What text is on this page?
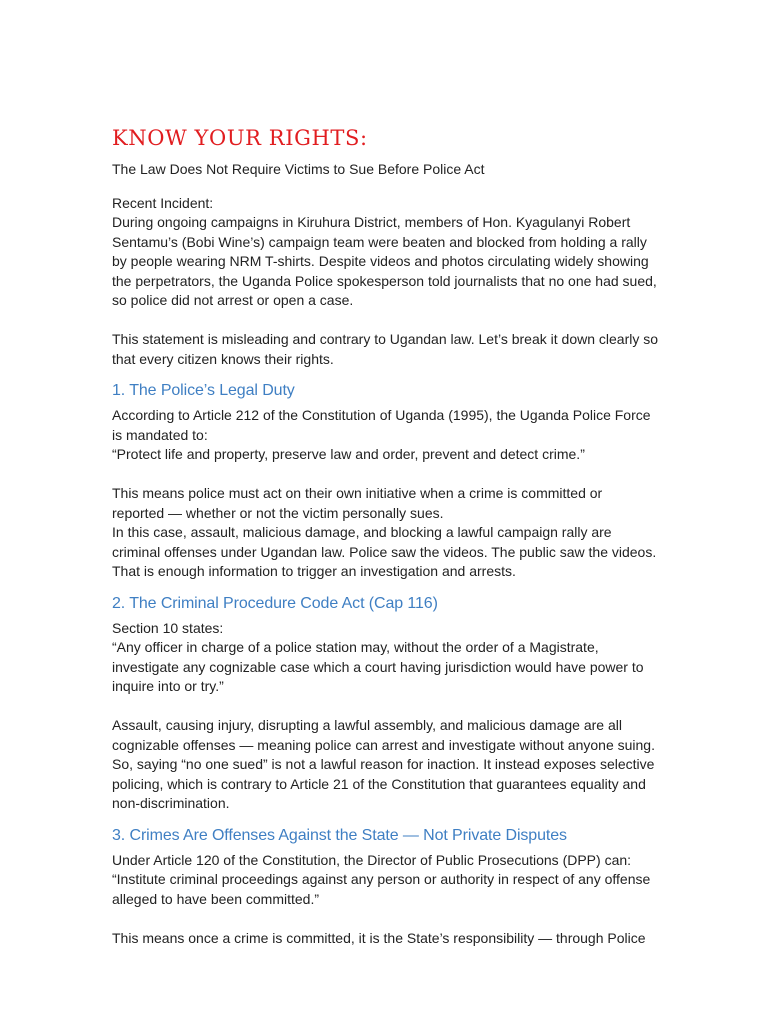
KNOW YOUR RIGHTS:
The Law Does Not Require Victims to Sue Before Police Act

Recent Incident:

During ongoing campaigns in Kiruhura District, members of Hon. Kyagulanyi Robert

Sentamu’s (Bobi Wine’s) campaign team were beaten and blocked from holding a rally

by people wearing NRM T-shirts. Despite videos and photos circulating widely showing

the perpetrators, the Uganda Police spokesperson told journalists that no one had sued,

so police did not arrest or open a case.

This statement is misleading and contrary to Ugandan law. Let’s break it down clearly so

that every citizen knows their rights.

1. The Police’s Legal Duty

According to Article 212 of the Constitution of Uganda (1995), the Uganda Police Force

is mandated to:

“Protect life and property, preserve law and order, prevent and detect crime.”

This means police must act on their own initiative when a crime is committed or

reported — whether or not the victim personally sues.

In this case, assault, malicious damage, and blocking a lawful campaign rally are

criminal offenses under Ugandan law. Police saw the videos. The public saw the videos.

That is enough information to trigger an investigation and arrests.

2. The Criminal Procedure Code Act (Cap 116)

Section 10 states:

“Any officer in charge of a police station may, without the order of a Magistrate,

investigate any cognizable case which a court having jurisdiction would have power to

inquire into or try.”

Assault, causing injury, disrupting a lawful assembly, and malicious damage are all

cognizable offenses — meaning police can arrest and investigate without anyone suing.

So, saying “no one sued” is not a lawful reason for inaction. It instead exposes selective

policing, which is contrary to Article 21 of the Constitution that guarantees equality and

non-discrimination.

3. Crimes Are Offenses Against the State — Not Private Disputes

Under Article 120 of the Constitution, the Director of Public Prosecutions (DPP) can:

“Institute criminal proceedings against any person or authority in respect of any offense

alleged to have been committed.”

This means once a crime is committed, it is the State’s responsibility — through Police
